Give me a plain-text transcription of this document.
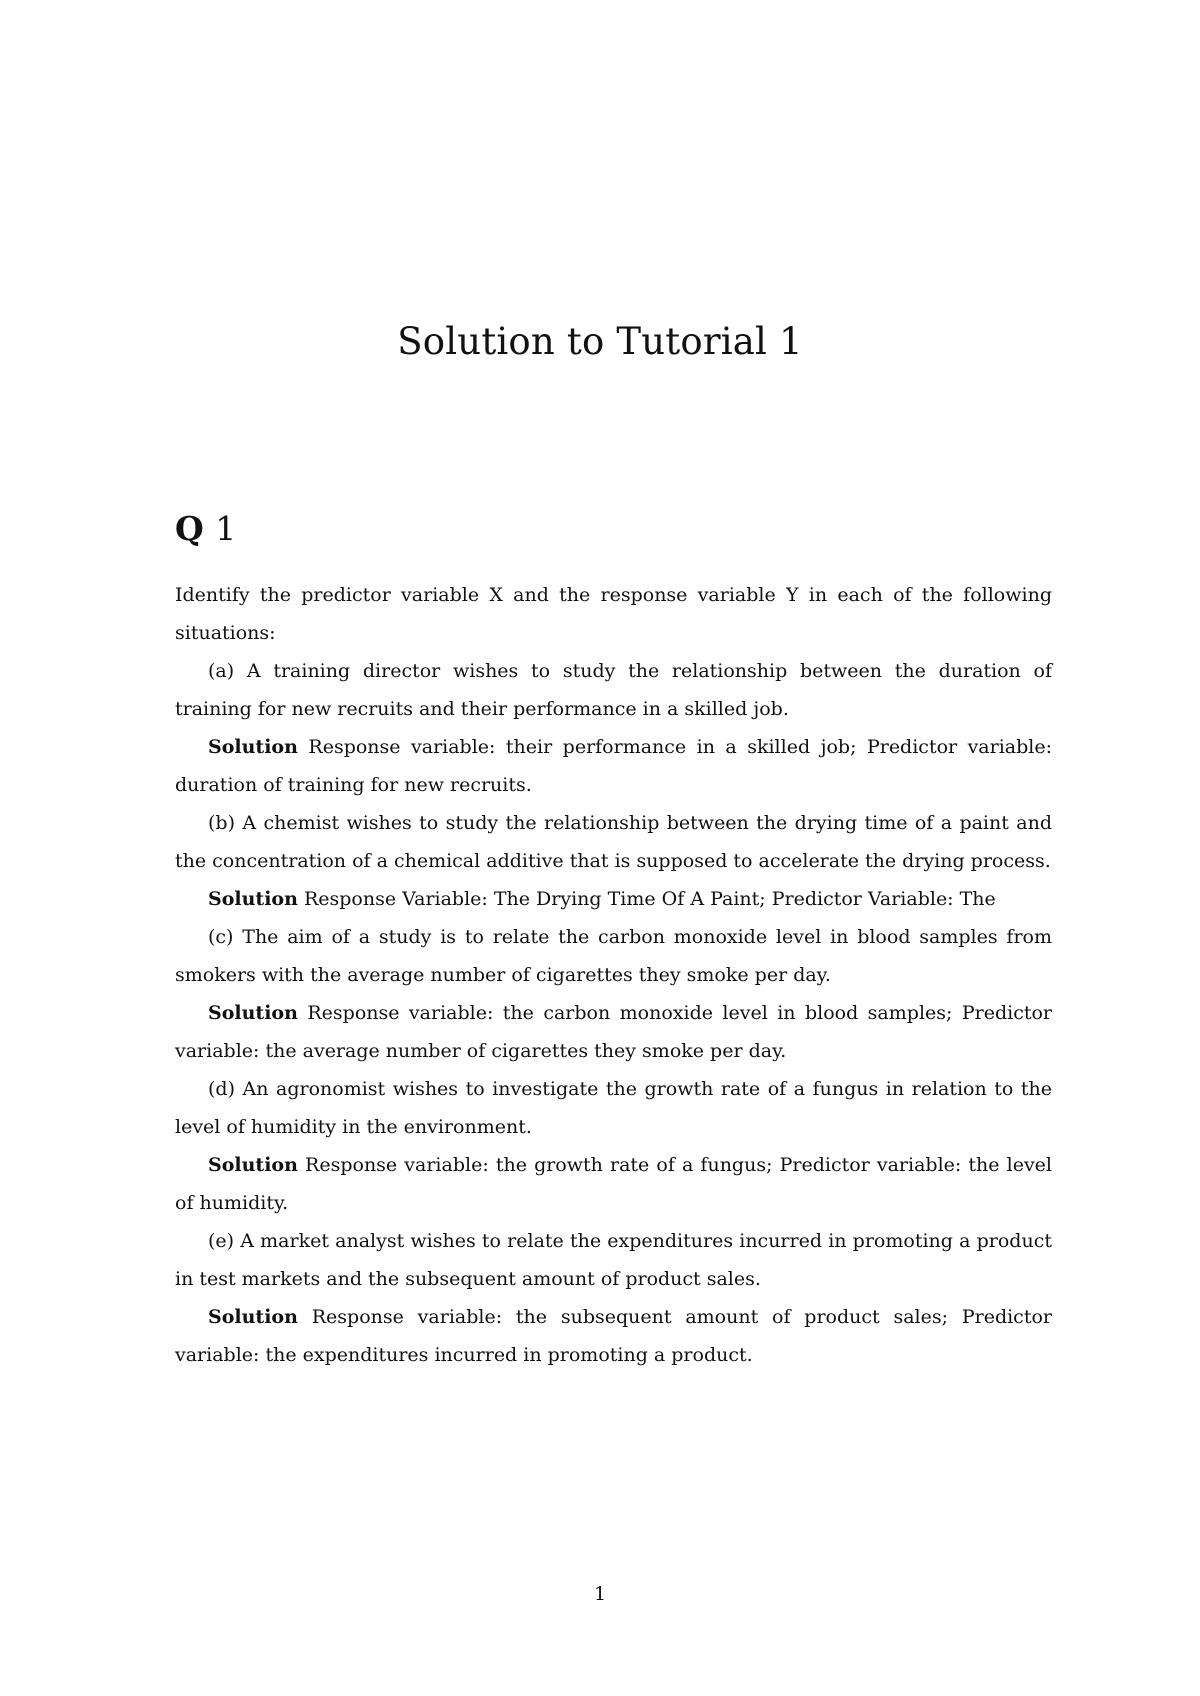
Solution to Tutorial 1
Q 1

Identify the predictor variable X and the response variable Y in each of the following situations:

(a) A training director wishes to study the relationship between the duration of training for new recruits and their performance in a skilled job.

Solution Response variable: their performance in a skilled job; Predictor variable: duration of training for new recruits.

(b) A chemist wishes to study the relationship between the drying time of a paint and the concentration of a chemical additive that is supposed to accelerate the drying process.

Solution Response Variable: The Drying Time Of A Paint; Predictor Variable: The

(c) The aim of a study is to relate the carbon monoxide level in blood samples from smokers with the average number of cigarettes they smoke per day.

Solution Response variable: the carbon monoxide level in blood samples; Predictor variable: the average number of cigarettes they smoke per day.

(d) An agronomist wishes to investigate the growth rate of a fungus in relation to the level of humidity in the environment.

Solution Response variable: the growth rate of a fungus; Predictor variable: the level of humidity.

(e) A market analyst wishes to relate the expenditures incurred in promoting a product in test markets and the subsequent amount of product sales.

Solution Response variable: the subsequent amount of product sales; Predictor variable: the expenditures incurred in promoting a product.

1
